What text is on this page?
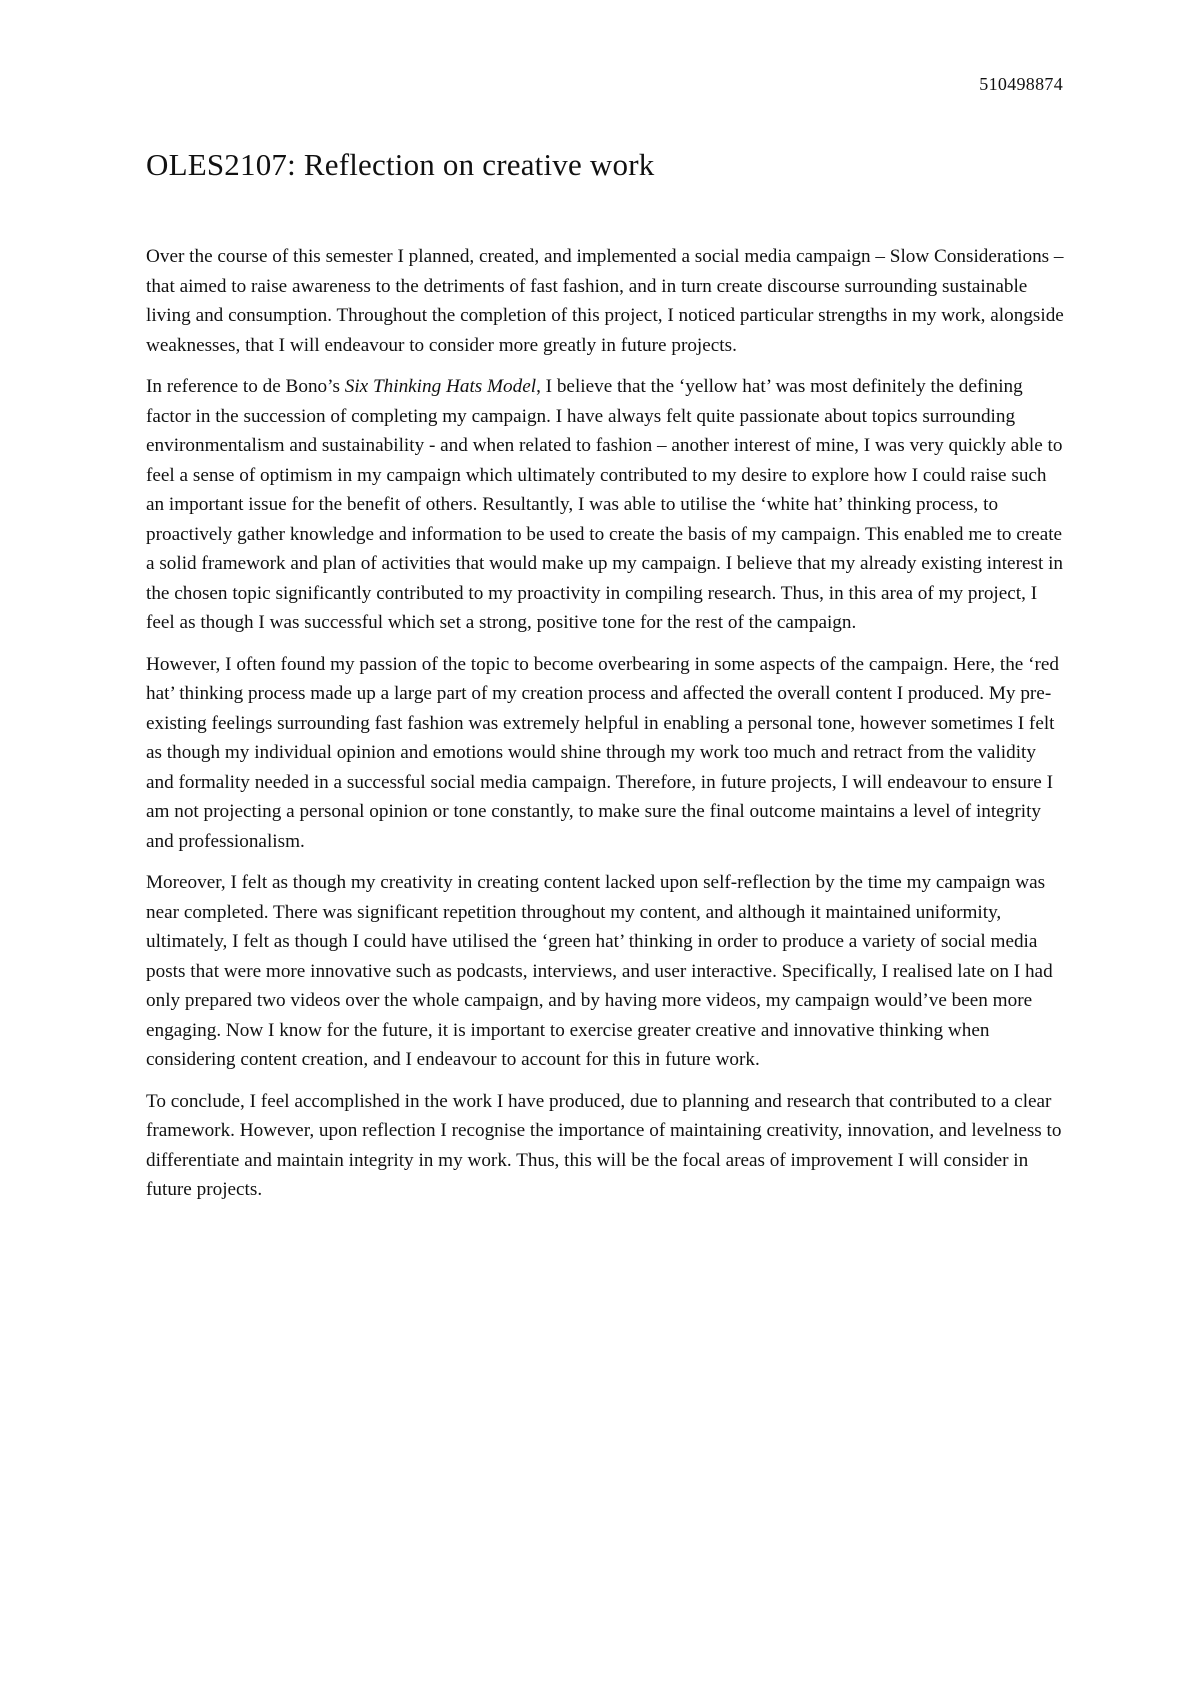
510498874
OLES2107: Reflection on creative work

Over the course of this semester I planned, created, and implemented a social media campaign – Slow Considerations – that aimed to raise awareness to the detriments of fast fashion, and in turn create discourse surrounding sustainable living and consumption. Throughout the completion of this project, I noticed particular strengths in my work, alongside weaknesses, that I will endeavour to consider more greatly in future projects.

In reference to de Bono’s Six Thinking Hats Model, I believe that the ‘yellow hat’ was most definitely the defining factor in the succession of completing my campaign. I have always felt quite passionate about topics surrounding environmentalism and sustainability - and when related to fashion – another interest of mine, I was very quickly able to feel a sense of optimism in my campaign which ultimately contributed to my desire to explore how I could raise such an important issue for the benefit of others. Resultantly, I was able to utilise the ‘white hat’ thinking process, to proactively gather knowledge and information to be used to create the basis of my campaign. This enabled me to create a solid framework and plan of activities that would make up my campaign. I believe that my already existing interest in the chosen topic significantly contributed to my proactivity in compiling research. Thus, in this area of my project, I feel as though I was successful which set a strong, positive tone for the rest of the campaign.

However, I often found my passion of the topic to become overbearing in some aspects of the campaign. Here, the ‘red hat’ thinking process made up a large part of my creation process and affected the overall content I produced. My pre-existing feelings surrounding fast fashion was extremely helpful in enabling a personal tone, however sometimes I felt as though my individual opinion and emotions would shine through my work too much and retract from the validity and formality needed in a successful social media campaign. Therefore, in future projects, I will endeavour to ensure I am not projecting a personal opinion or tone constantly, to make sure the final outcome maintains a level of integrity and professionalism.

Moreover, I felt as though my creativity in creating content lacked upon self-reflection by the time my campaign was near completed. There was significant repetition throughout my content, and although it maintained uniformity, ultimately, I felt as though I could have utilised the ‘green hat’ thinking in order to produce a variety of social media posts that were more innovative such as podcasts, interviews, and user interactive. Specifically, I realised late on I had only prepared two videos over the whole campaign, and by having more videos, my campaign would’ve been more engaging. Now I know for the future, it is important to exercise greater creative and innovative thinking when considering content creation, and I endeavour to account for this in future work.

To conclude, I feel accomplished in the work I have produced, due to planning and research that contributed to a clear framework. However, upon reflection I recognise the importance of maintaining creativity, innovation, and levelness to differentiate and maintain integrity in my work. Thus, this will be the focal areas of improvement I will consider in future projects.
